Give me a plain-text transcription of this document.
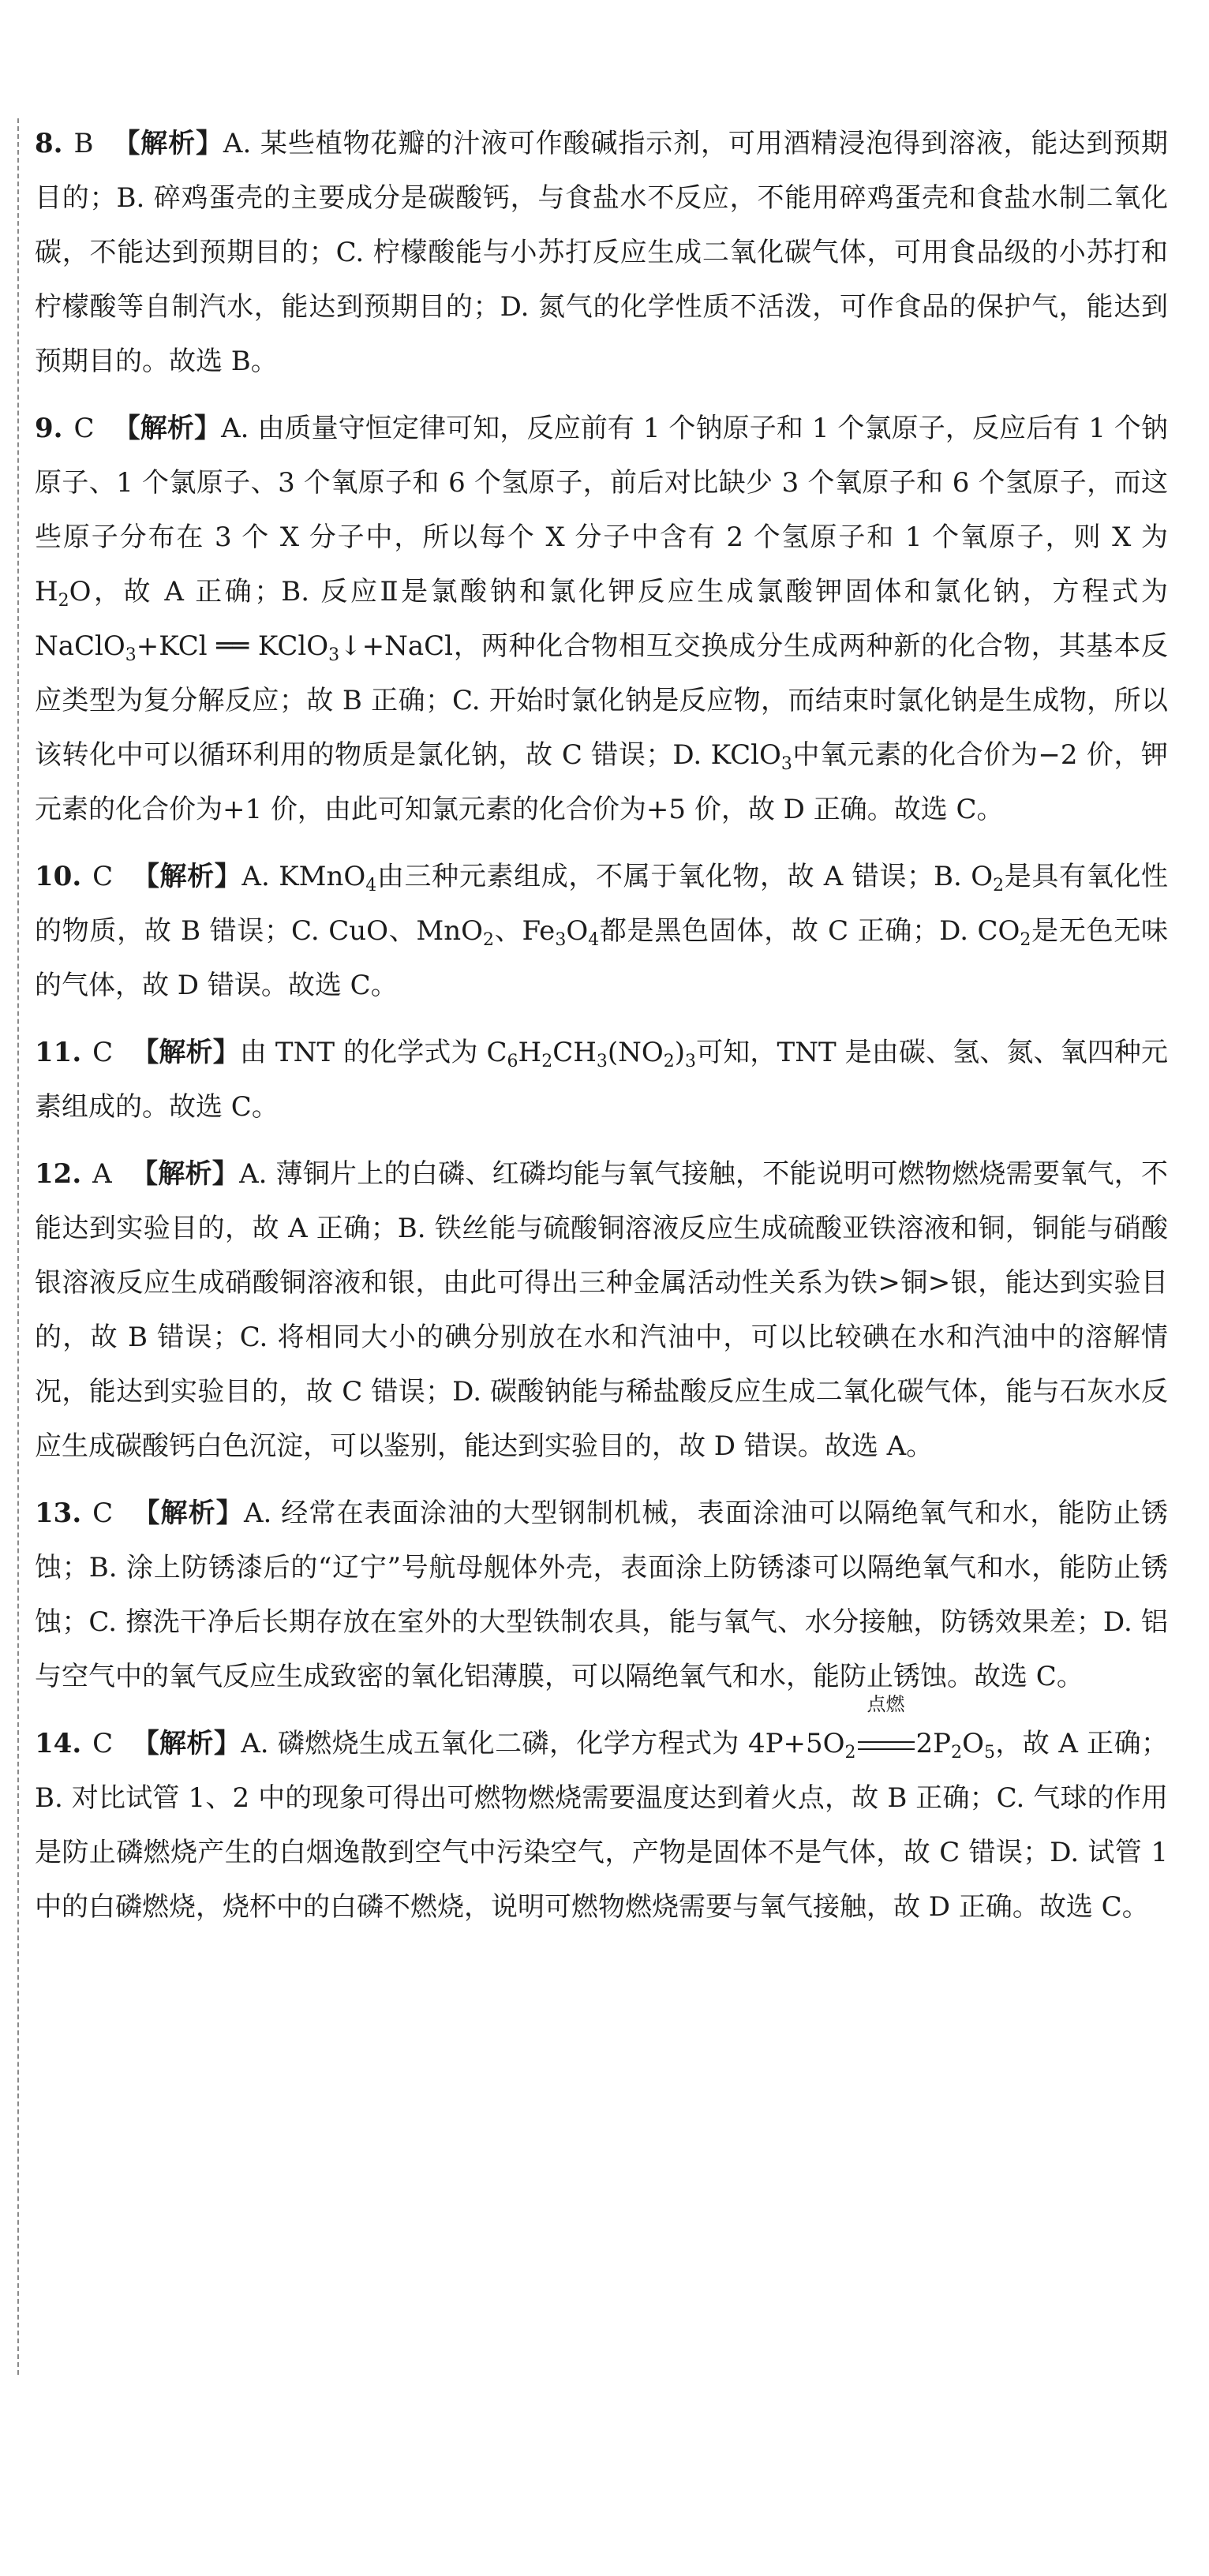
8. B 【解析】A. 某些植物花瓣的汁液可作酸碱指示剂，可用酒精浸泡得到溶液，能达到预期目的；B. 碎鸡蛋壳的主要成分是碳酸钙，与食盐水不反应，不能用碎鸡蛋壳和食盐水制二氧化碳，不能达到预期目的；C. 柠檬酸能与小苏打反应生成二氧化碳气体，可用食品级的小苏打和柠檬酸等自制汽水，能达到预期目的；D. 氮气的化学性质不活泼，可作食品的保护气，能达到预期目的。故选 B。
9. C 【解析】A. 由质量守恒定律可知，反应前有 1 个钠原子和 1 个氯原子，反应后有 1 个钠原子、1 个氯原子、3 个氧原子和 6 个氢原子，前后对比缺少 3 个氧原子和 6 个氢原子，而这些原子分布在 3 个 X 分子中，所以每个 X 分子中含有 2 个氢原子和 1 个氧原子，则 X 为 $H_2O$，故 A 正确；B. 反应Ⅱ是氯酸钠和氯化钾反应生成氯酸钾固体和氯化钠，方程式为 NaClO$_3$+KCl ══ KClO$_3$↓+NaCl，两种化合物相互交换成分生成两种新的化合物，其基本反应类型为复分解反应；故 B 正确；C. 开始时氯化钠是反应物，而结束时氯化钠是生成物，所以该转化中可以循环利用的物质是氯化钠，故 C 错误；D. KClO$_3$中氧元素的化合价为−2 价，钾元素的化合价为+1 价，由此可知氯元素的化合价为+5 价，故 D 正确。故选 C。
10. C 【解析】A. KMnO$_4$由三种元素组成，不属于氧化物，故 A 错误；B. $O_2$是具有氧化性的物质，故 B 错误；C. CuO、MnO$_2$、$Fe_3O_4$都是黑色固体，故 C 正确；D. $CO_2$是无色无味的气体，故 D 错误。故选 C。
11. C 【解析】由 TNT 的化学式为 $C_6H_2CH_3(NO_2)_3$可知，TNT 是由碳、氢、氮、氧四种元素组成的。故选 C。
12. A 【解析】A. 薄铜片上的白磷、红磷均能与氧气接触，不能说明可燃物燃烧需要氧气，不能达到实验目的，故 A 正确；B. 铁丝能与硫酸铜溶液反应生成硫酸亚铁溶液和铜，铜能与硝酸银溶液反应生成硝酸铜溶液和银，由此可得出三种金属活动性关系为铁>铜>银，能达到实验目的，故 B 错误；C. 将相同大小的碘分别放在水和汽油中，可以比较碘在水和汽油中的溶解情况，能达到实验目的，故 C 错误；D. 碳酸钠能与稀盐酸反应生成二氧化碳气体，能与石灰水反应生成碳酸钙白色沉淀，可以鉴别，能达到实验目的，故 D 错误。故选 A。
13. C 【解析】A. 经常在表面涂油的大型钢制机械，表面涂油可以隔绝氧气和水，能防止锈蚀；B. 涂上防锈漆后的“辽宁”号航母舰体外壳，表面涂上防锈漆可以隔绝氧气和水，能防止锈蚀；C. 擦洗干净后长期存放在室外的大型铁制农具，能与氧气、水分接触，防锈效果差；D. 铝与空气中的氧气反应生成致密的氧化铝薄膜，可以隔绝氧气和水，能防止锈蚀。故选 C。
14. C 【解析】A. 磷燃烧生成五氧化二磷，化学方程式为 $4P+5O_2$
点燃
$2P_2O_5$，故 A 正确；B. 对比试管 1、2 中的现象可得出可燃物燃烧需要温度达到着火点，故 B 正确；C. 气球的作用是防止磷燃烧产生的白烟逸散到空气中污染空气，产物是固体不是气体，故 C 错误；D. 试管 1 中的白磷燃烧，烧杯中的白磷不燃烧，说明可燃物燃烧需要与氧气接触，故 D 正确。故选 C。
